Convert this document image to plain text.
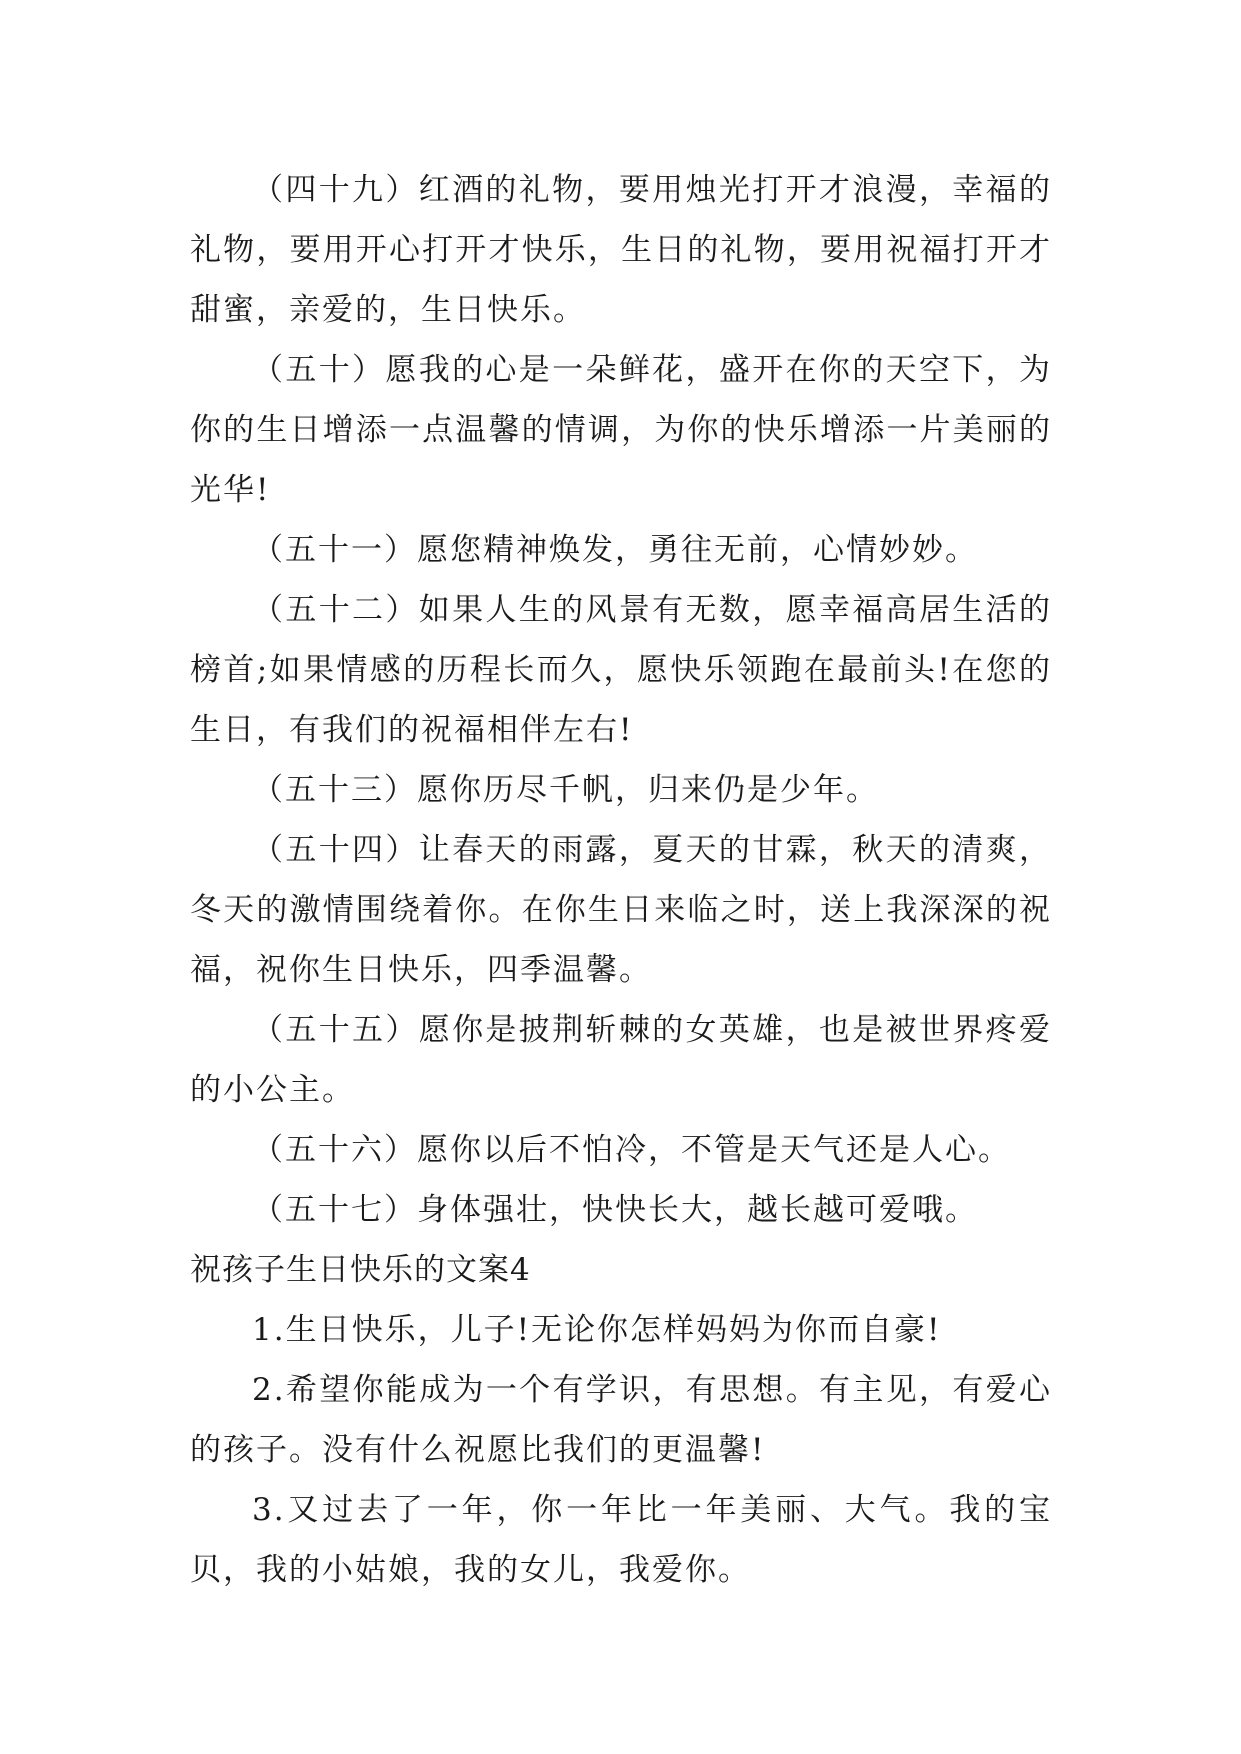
（四十九）红酒的礼物，要用烛光打开才浪漫，幸福的礼物，要用开心打开才快乐，生日的礼物，要用祝福打开才甜蜜，亲爱的，生日快乐。

（五十）愿我的心是一朵鲜花，盛开在你的天空下，为你的生日增添一点温馨的情调，为你的快乐增添一片美丽的光华!

（五十一）愿您精神焕发，勇往无前，心情妙妙。

（五十二）如果人生的风景有无数，愿幸福高居生活的榜首;如果情感的历程长而久，愿快乐领跑在最前头!在您的生日，有我们的祝福相伴左右!

（五十三）愿你历尽千帆，归来仍是少年。

（五十四）让春天的雨露，夏天的甘霖，秋天的清爽，冬天的激情围绕着你。在你生日来临之时，送上我深深的祝福，祝你生日快乐，四季温馨。

（五十五）愿你是披荆斩棘的女英雄，也是被世界疼爱的小公主。

（五十六）愿你以后不怕冷，不管是天气还是人心。

（五十七）身体强壮，快快长大，越长越可爱哦。

祝孩子生日快乐的文案4

1.生日快乐，儿子!无论你怎样妈妈为你而自豪!

2.希望你能成为一个有学识，有思想。有主见，有爱心的孩子。没有什么祝愿比我们的更温馨!

3.又过去了一年，你一年比一年美丽、大气。我的宝贝，我的小姑娘，我的女儿，我爱你。
